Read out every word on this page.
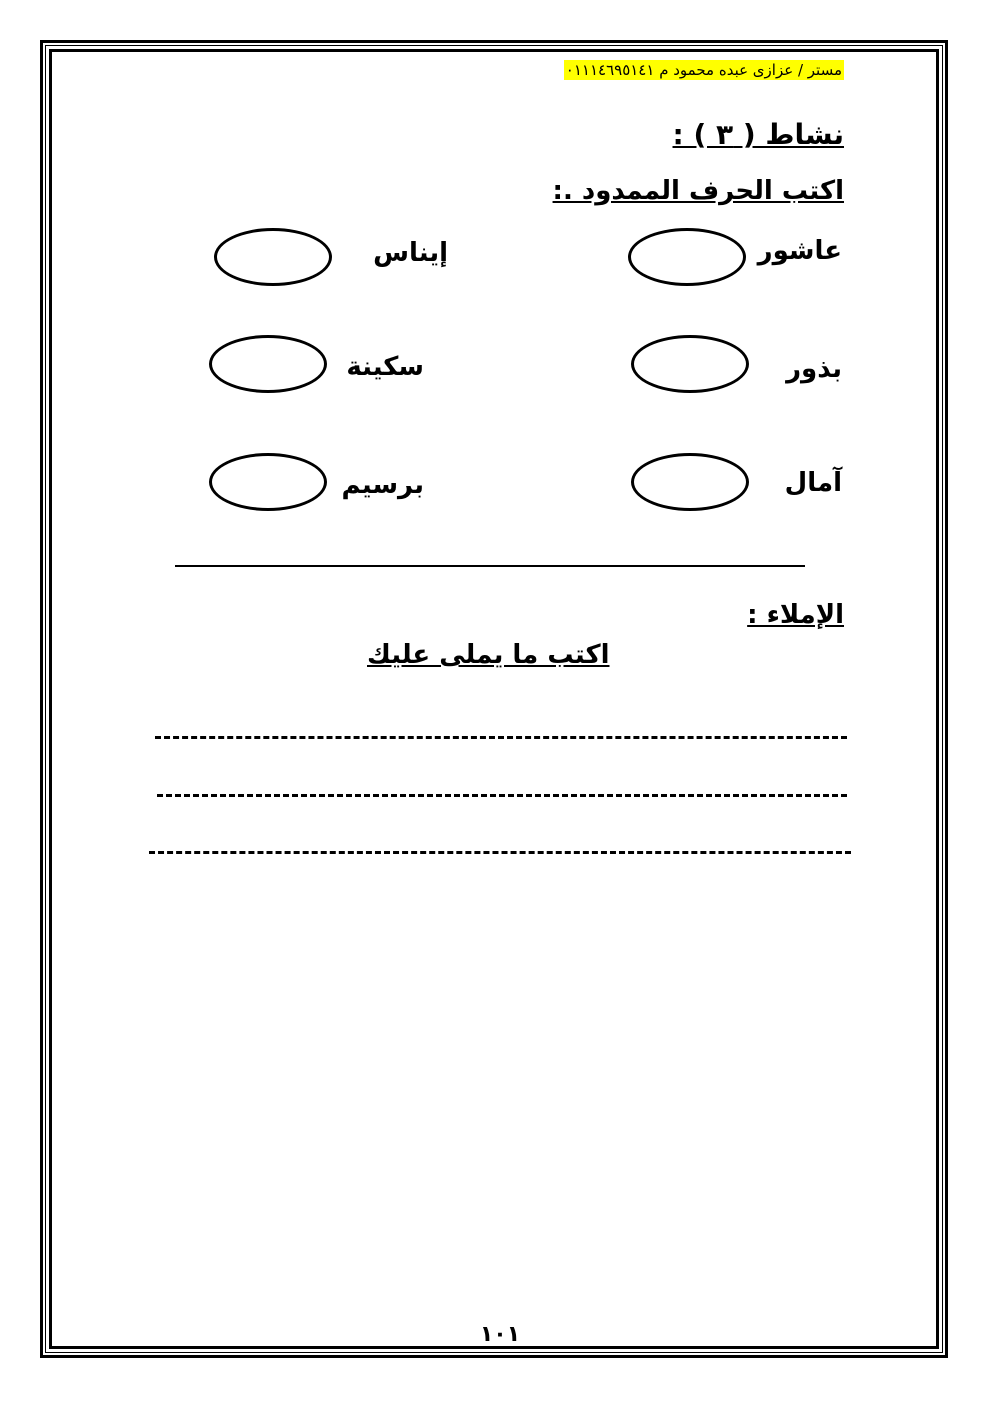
مستر / عزازى عبده محمود م ٠١١١٤٦٩٥١٤١
نشاط ( ٣ ) :
اكتب الحرف الممدود .:
عاشور
إيناس
بذور
سكينة
آمال
برسيم
الإملاء :
اكتب ما يملى عليك
١٠١
